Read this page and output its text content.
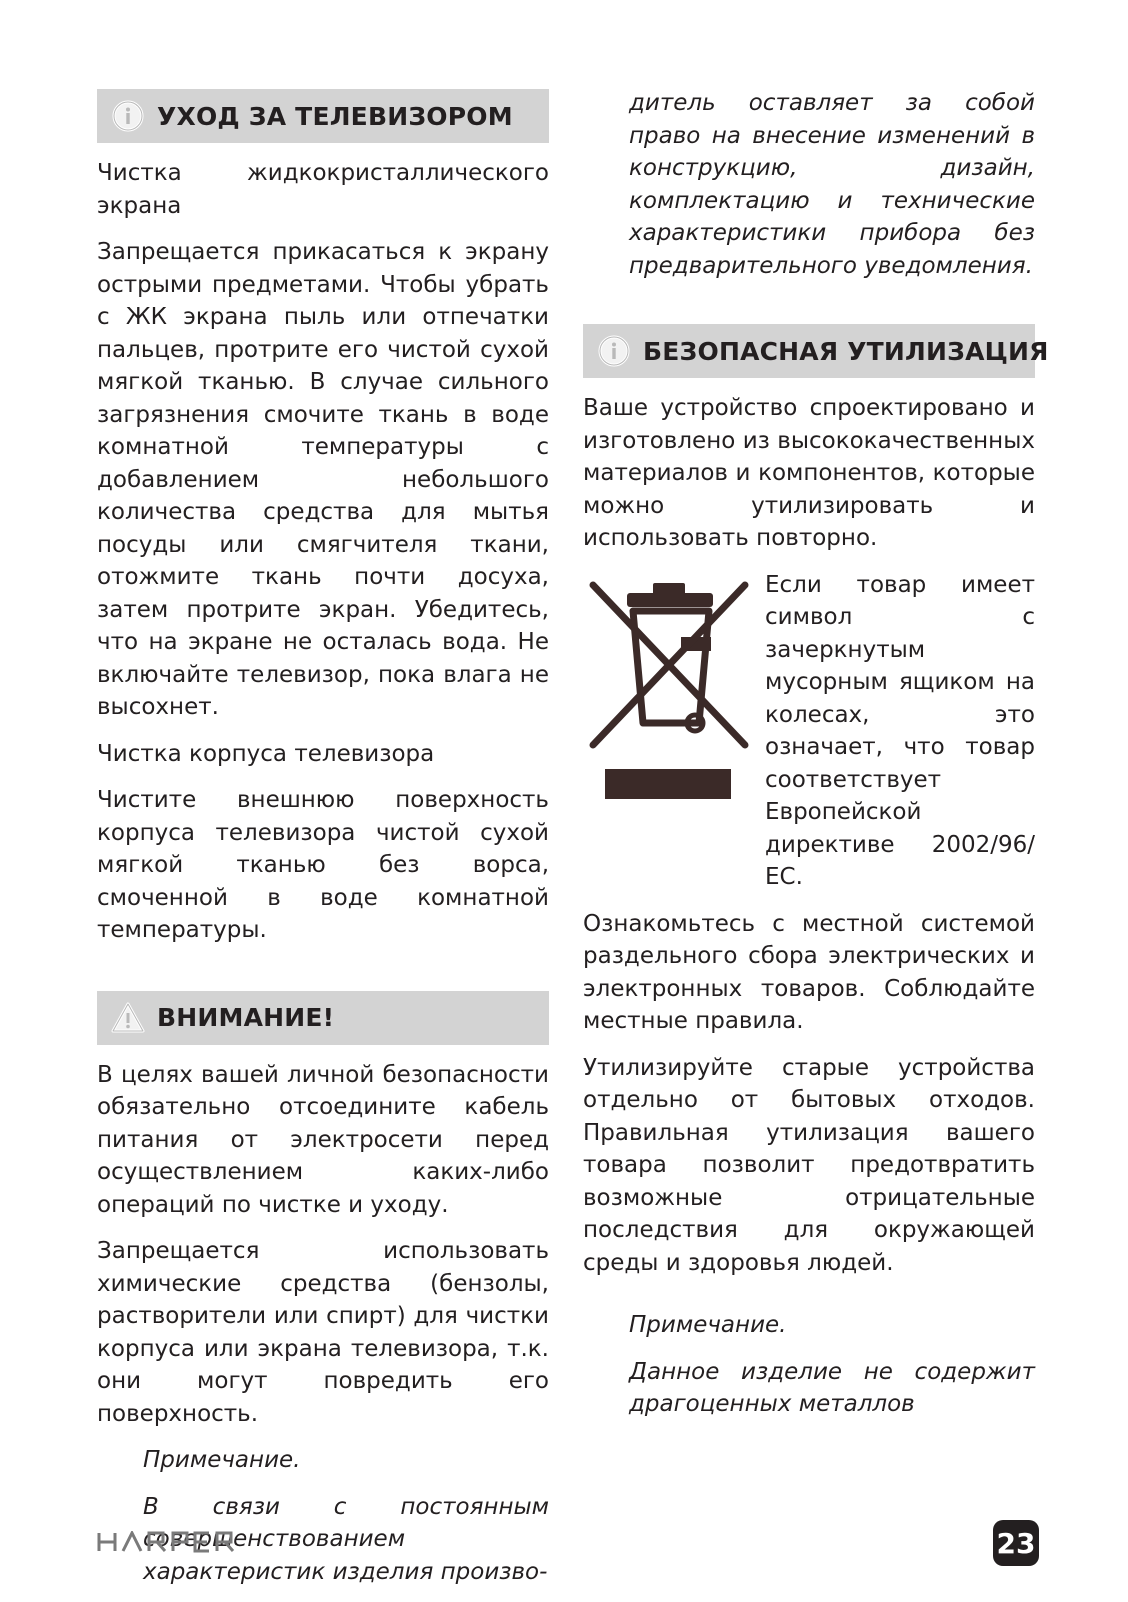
УХОД ЗА ТЕЛЕВИЗОРОМ

Чистка жидкокристаллического экрана

Запрещается прикасаться к экрану острыми предметами. Чтобы убрать с ЖК экрана пыль или отпечатки пальцев, протрите его чистой сухой мягкой тканью. В случае сильного загрязнения смочите ткань в воде комнатной температуры с добавлением небольшого количества средства для мытья посуды или смягчителя ткани, отожмите ткань почти досуха, затем протрите экран. Убедитесь, что на экране не осталась вода. Не включайте телевизор, пока влага не высохнет.

Чистка корпуса телевизора

Чистите внешнюю поверхность корпуса телевизора чистой сухой мягкой тканью без ворса, смоченной в воде комнатной температуры.

ВНИМАНИЕ!

В целях вашей личной безопасности обязательно отсоедините кабель питания от электросети перед осуществлением каких-либо операций по чистке и уходу.

Запрещается использовать химические средства (бензолы, растворители или спирт) для чистки корпуса или экрана телевизора, т.к. они могут повредить его поверхность.

Примечание.

В связи с постоянным совершенствованием характеристик изделия произво-

дитель оставляет за собой право на внесение изменений в конструкцию, дизайн, комплектацию и технические характеристики прибора без предварительного уведомления.

БЕЗОПАСНАЯ УТИЛИЗАЦИЯ

Ваше устройство спроектировано и изготовлено из высококачественных материалов и компонентов, которые можно утилизировать и использовать повторно.

Если товар имеет символ с зачеркнутым мусорным ящиком на колесах, это означает, что товар соответствует Европейской директиве 2002/96/ЕС.

Ознакомьтесь с местной системой раздельного сбора электрических и электронных товаров. Соблюдайте местные правила.

Утилизируйте старые устройства отдельно от бытовых отходов. Правильная утилизация вашего товара позволит предотвратить возможные отрицательные последствия для окружающей среды и здоровья людей.

Примечание.

Данное изделие не содержит драгоценных металлов

23
